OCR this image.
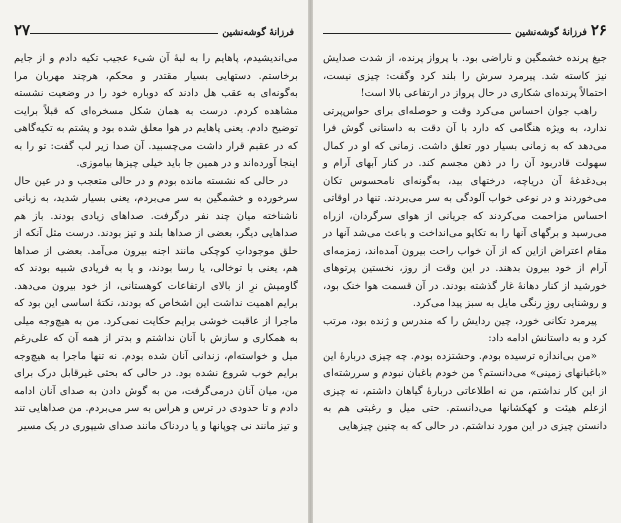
فرزانهٔ گوشه‌نشین
۲۷

می‌اندیشیدم، پاهایم را به لبهٔ آن شیء عجیب تکیه دادم و از جایم برخاستم. دستهایی بسیار مقتدر و محکم، هرچند مهربان مرا به‌گونه‌ای به عقب هل دادند که دوباره خود را در وضعیت نشسته مشاهده کردم. درست به همان شکل مسخره‌ای که قبلاً برایت توضیح دادم. یعنی پاهایم در هوا معلق شده بود و پشتم به تکیه‌گاهی که در عقبم قرار داشت می‌چسبید. آن صدا زیر لب گفت: تو را به اینجا آورده‌اند و در همین جا باید خیلی چیزها بیاموزی.

در حالی که نشسته مانده بودم و در حالی متعجب و در عین حال سرخورده و خشمگین به سر می‌بردم، یعنی بسیار شدید، به زبانی ناشناخته میان چند نفر درگرفت. صداهای زیادی بودند. باز هم صداهایی دیگر، بعضی از صداها بلند و تیز بودند. درست مثل آنکه از حلق موجوداتِ کوچکی مانند اجنه بیرون می‌آمد. بعضی از صداها هم، یعنی با توخالی، یا رسا بودند، و یا به فریادی شبیه بودند که گاومیش نرِ از بالای ارتفاعات کوهستانی، از خود بیرون می‌دهد. برایم اهمیت نداشت این اشخاص که بودند، نکتهٔ اساسی این بود که ماجرا از عاقبت خوشی برایم حکایت نمی‌کرد. من به هیچ‌وجه میلی به همکاری و سازش با آنان نداشتم و بدتر از همه آن که علی‌رغم میل و خواسته‌ام، زندانی آنان شده بودم. نه تنها ماجرا به هیچ‌وجه برایم خوب شروع نشده بود. در حالی که بحثی غیرقابل درک برای من، میان آنان درمی‌گرفت، من به گوش دادن به صدای آنان ادامه دادم و تا حدودی در ترس و هراس به سر می‌بردم. من صداهایی تند و تیز مانند نی چوپانها و یا دردناک مانند صدای شیپوری در یک مسیر

۲۶
فرزانهٔ گوشه‌نشین

جیغ پرنده خشمگین و ناراضی بود. با پرواز پرنده، از شدت صدایش نیز کاسته شد. پیرمرد سرش را بلند کرد وگفت: چیزی نیست، احتمالاً پرنده‌ای شکاری در حال پرواز در ارتفاعی بالا است!

راهب جوان احساس می‌کرد وقت و حوصله‌ای برای حواس‌پرتی ندارد، به ویژه هنگامی که دارد با آن دقت به داستانی گوش فرا می‌دهد که به زمانی بسیار دور تعلق داشت. زمانی که او در کمال سهولت قادربود آن را در ذهن مجسم کند. در کنار آبهای آرام و بی‌دغدغهٔ آن دریاچه، درختهای بید، به‌گونه‌ای نامحسوس تکان می‌خوردند و در نوعی خواب آلودگی به سر می‌بردند. تنها در اوقاتی احساس مزاحمت می‌کردند که جریانی از هوای سرگردان، ازراه می‌رسید و برگهای آنها را به تکاپو می‌انداخت و باعث می‌شد آنها در مقام اعتراض ازاین که از آن خواب راحت بیرون آمده‌اند، زمزمه‌ای آرام از خود بیرون بدهند. در این وقت از روز، نخستین پرتوهای خورشید از کنار دهانهٔ غار گذشته بودند. در آن قسمت هوا خنک بود، و روشنایی روزِ رنگی مایل به سبز پیدا می‌کرد.

پیرمرد تکانی خورد، چین ردایش را که مندرس و ژنده بود، مرتب کرد و به داستانش ادامه داد:

«من بی‌اندازه ترسیده بودم. وحشتزده بودم. چه چیزی دربارهٔ این «باغبانهای زمینی» می‌دانستم؟ من خودم باغبان نبودم و سررشته‌ای از این کار نداشتم، من نه اطلاعاتی دربارهٔ گیاهان داشتم، نه چیزی ازعلم هیئت و کهکشانها می‌دانستم. حتی میل و رغبتی هم به دانستن چیزی در این مورد نداشتم. در حالی که به چنین چیزهایی
